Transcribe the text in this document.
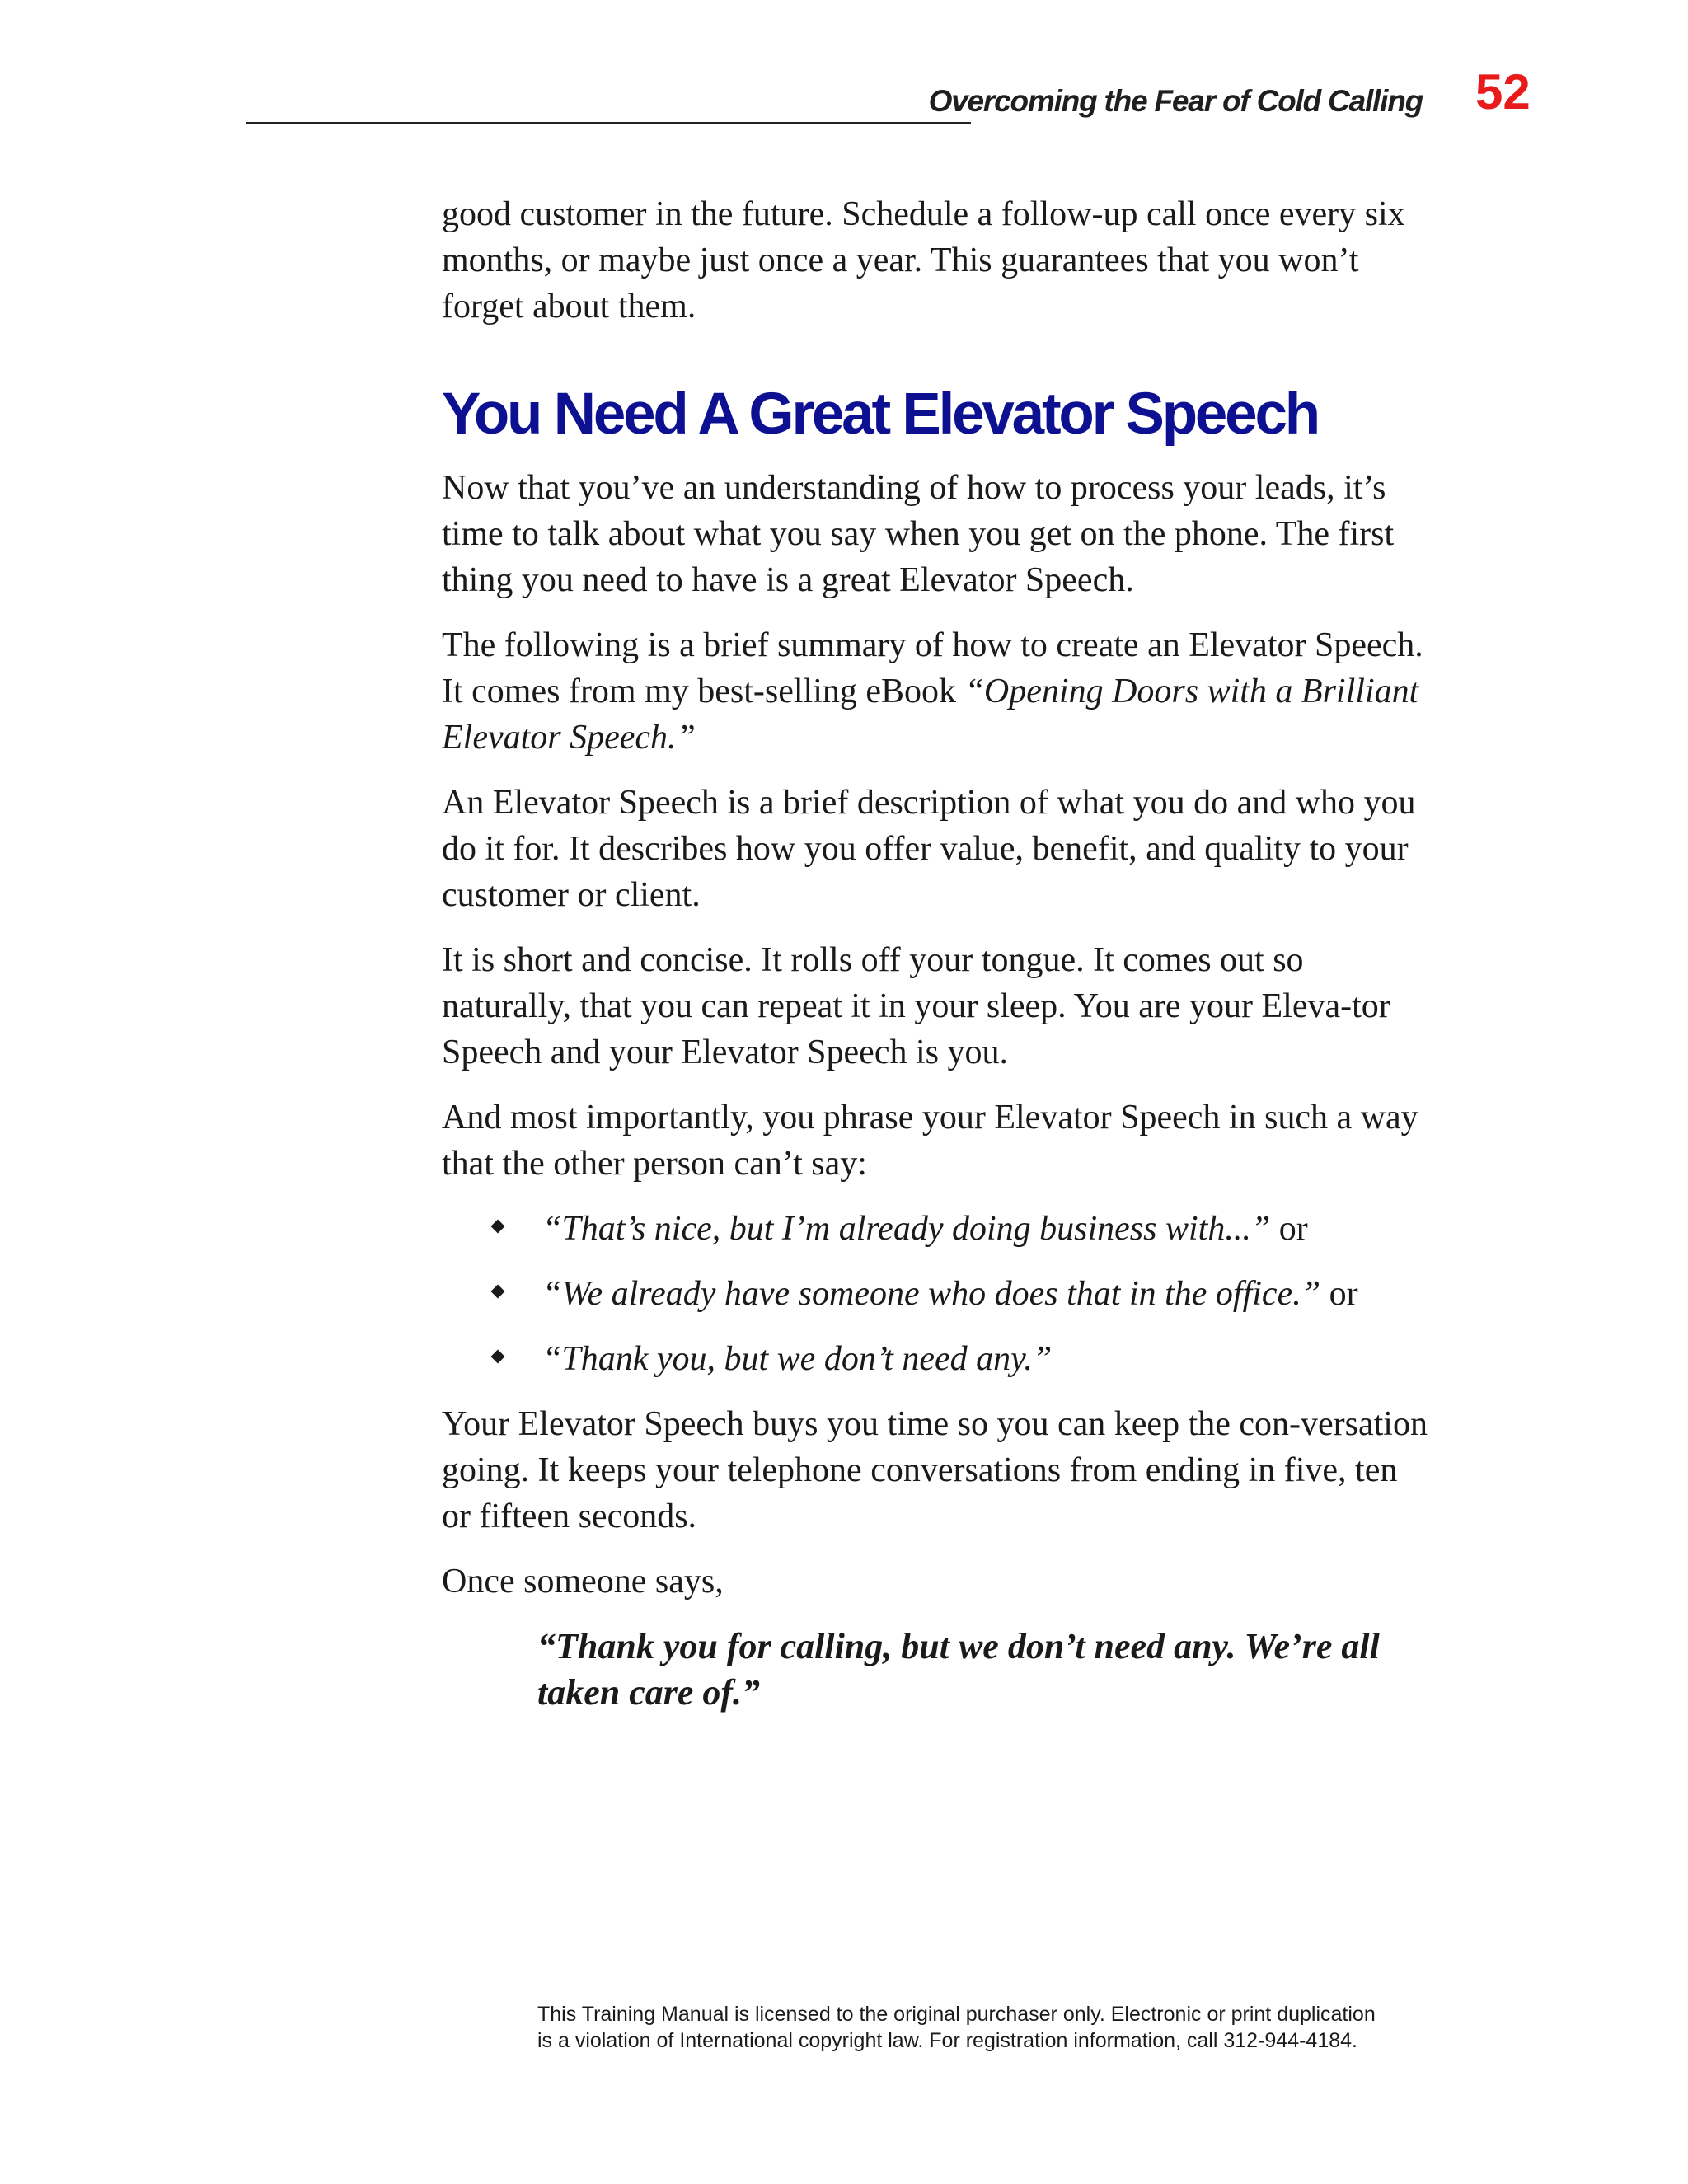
Overcoming the Fear of Cold Calling 52

good customer in the future. Schedule a follow-up call once every six months, or maybe just once a year. This guarantees that you won’t forget about them.

You Need A Great Elevator Speech

Now that you’ve an understanding of how to process your leads, it’s time to talk about what you say when you get on the phone. The first thing you need to have is a great Elevator Speech.

The following is a brief summary of how to create an Elevator Speech. It comes from my best-selling eBook “Opening Doors with a Brilliant Elevator Speech.”

An Elevator Speech is a brief description of what you do and who you do it for. It describes how you offer value, benefit, and quality to your customer or client.

It is short and concise. It rolls off your tongue. It comes out so naturally, that you can repeat it in your sleep. You are your Eleva-tor Speech and your Elevator Speech is you.

And most importantly, you phrase your Elevator Speech in such a way that the other person can’t say:

“That’s nice, but I’m already doing business with...” or
“We already have someone who does that in the office.” or
“Thank you, but we don’t need any.”

Your Elevator Speech buys you time so you can keep the con-versation going. It keeps your telephone conversations from ending in five, ten or fifteen seconds.

Once someone says,

“Thank you for calling, but we don’t need any. We’re all taken care of.”
This Training Manual is licensed to the original purchaser only. Electronic or print duplication
is a violation of International copyright law. For registration information, call 312-944-4184.
